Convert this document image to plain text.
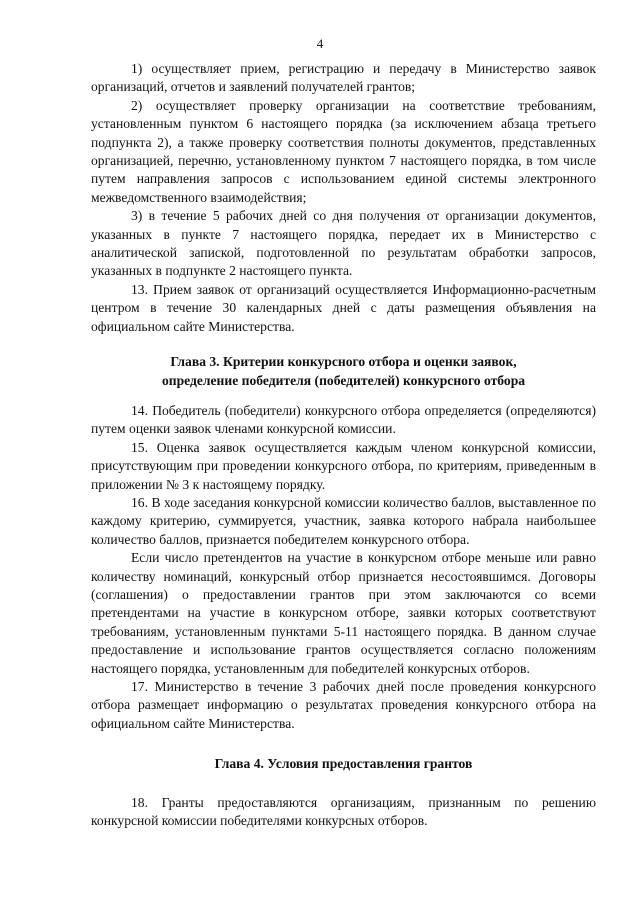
4

1) осуществляет прием, регистрацию и передачу в Министерство заявок организаций, отчетов и заявлений получателей грантов;

2) осуществляет проверку организации на соответствие требованиям, установленным пунктом 6 настоящего порядка (за исключением абзаца третьего подпункта 2), а также проверку соответствия полноты документов, представленных организацией, перечню, установленному пунктом 7 настоящего порядка, в том числе путем направления запросов с использованием единой системы электронного межведомственного взаимодействия;

3) в течение 5 рабочих дней со дня получения от организации документов, указанных в пункте 7 настоящего порядка, передает их в Министерство с аналитической запиской, подготовленной по результатам обработки запросов, указанных в подпункте 2 настоящего пункта.

13. Прием заявок от организаций осуществляется Информационно-расчетным центром в течение 30 календарных дней с даты размещения объявления на официальном сайте Министерства.

Глава 3. Критерии конкурсного отбора и оценки заявок,

определение победителя (победителей) конкурсного отбора

14. Победитель (победители) конкурсного отбора определяется (определяются) путем оценки заявок членами конкурсной комиссии.

15. Оценка заявок осуществляется каждым членом конкурсной комиссии, присутствующим при проведении конкурсного отбора, по критериям, приведенным в приложении № 3 к настоящему порядку.

16. В ходе заседания конкурсной комиссии количество баллов, выставленное по каждому критерию, суммируется, участник, заявка которого набрала наибольшее количество баллов, признается победителем конкурсного отбора.

Если число претендентов на участие в конкурсном отборе меньше или равно количеству номинаций, конкурсный отбор признается несостоявшимся. Договоры (соглашения) о предоставлении грантов при этом заключаются со всеми претендентами на участие в конкурсном отборе, заявки которых соответствуют требованиям, установленным пунктами 5-11 настоящего порядка. В данном случае предоставление и использование грантов осуществляется согласно положениям настоящего порядка, установленным для победителей конкурсных отборов.

17. Министерство в течение 3 рабочих дней после проведения конкурсного отбора размещает информацию о результатах проведения конкурсного отбора на официальном сайте Министерства.

Глава 4. Условия предоставления грантов

18. Гранты предоставляются организациям, признанным по решению конкурсной комиссии победителями конкурсных отборов.
